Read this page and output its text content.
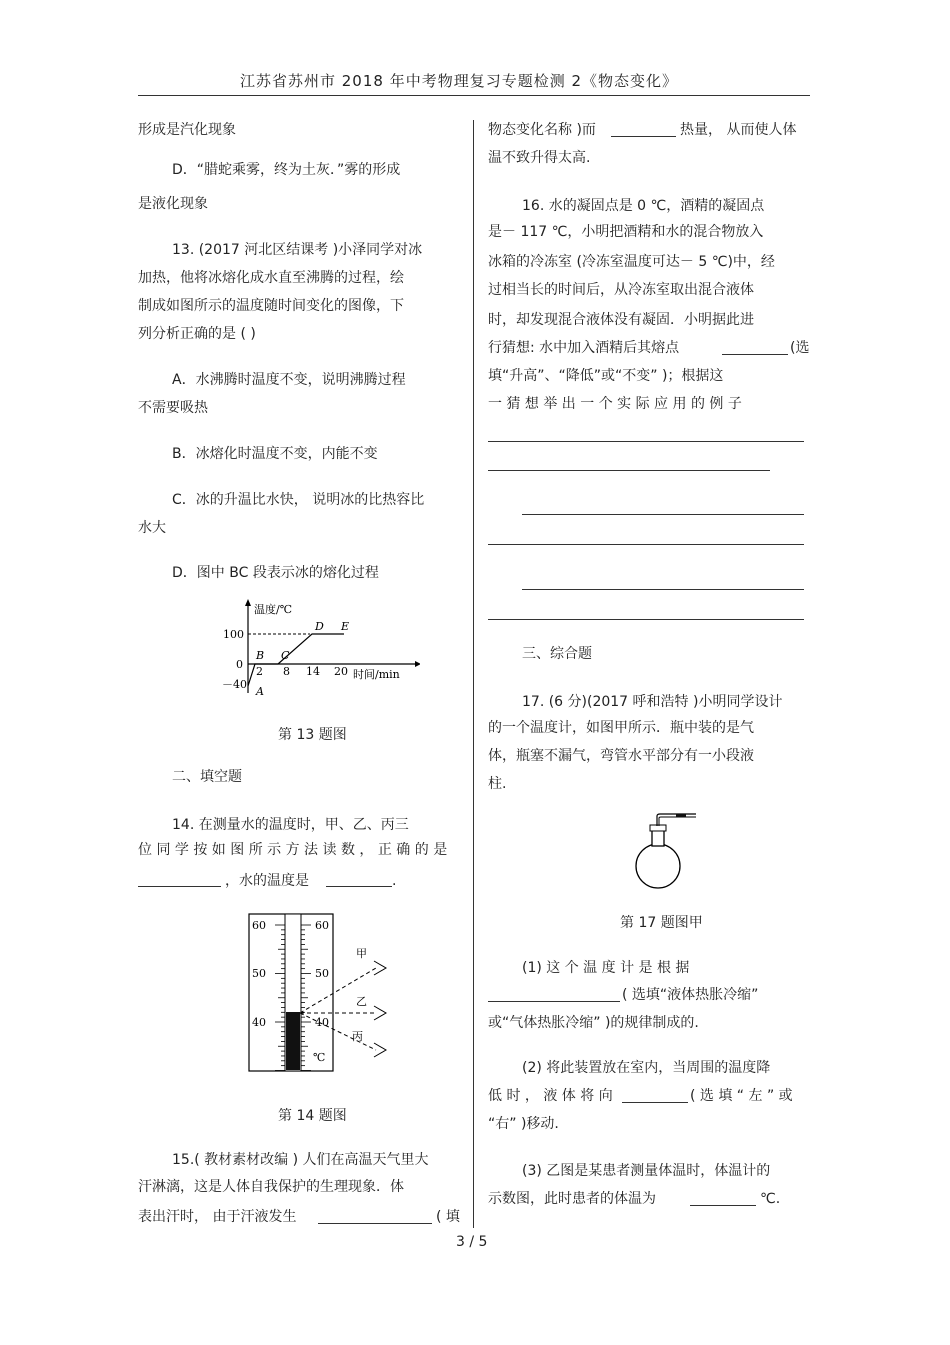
江苏省苏州市 2018 年中考物理复习专题检测 2《物态变化》
形成是汽化现象
D．“腊蛇乘雾，终为土灰．”雾的形成
是液化现象
13. (2017 河北区结课考 )小泽同学对冰
加热，他将冰熔化成水直至沸腾的过程，绘
制成如图所示的温度随时间变化的图像，下
列分析正确的是 ( )
A．水沸腾时温度不变，说明沸腾过程
不需要吸热
B．冰熔化时温度不变，内能不变
C．冰的升温比水快， 说明冰的比热容比
水大
D．图中 BC 段表示冰的熔化过程
温度/℃
100
0
－40
2 8 14 20 时间/min
A
B C
D E
第 13 题图
二、填空题
14. 在测量水的温度时，甲、乙、丙三
位 同 学 按 如 图 所 示 方 法 读 数 ， 正 确 的 是
，水的温度是	.
60
50
40
60
50
40
℃
甲
乙
丙
第 14 题图
15.( 教材素材改编 ) 人们在高温天气里大
汗淋漓，这是人体自我保护的生理现象．体
表出汗时， 由于汗液发生	( 填
物态变化名称 )而	热量， 从而使人体
温不致升得太高.
16. 水的凝固点是 0 ℃，酒精的凝固点
是－ 117 ℃，小明把酒精和水的混合物放入
冰箱的冷冻室 (冷冻室温度可达－ 5 ℃)中，经
过相当长的时间后，从冷冻室取出混合液体
时，却发现混合液体没有凝固．小明据此进
行猜想: 水中加入酒精后其熔点	(选
填“升高”、“降低”或“不变” )；根据这
一 猜 想 举 出 一 个 实 际 应 用 的 例 子
三、综合题
17. (6 分)(2017 呼和浩特 )小明同学设计
的一个温度计，如图甲所示．瓶中装的是气
体，瓶塞不漏气，弯管水平部分有一小段液
柱.
第 17 题图甲
(1) 这 个 温 度 计 是 根 据
( 选填“液体热胀冷缩”
或“气体热胀冷缩” )的规律制成的.
(2) 将此装置放在室内，当周围的温度降
低 时 ， 液 体 将 向	( 选 填 “ 左 ” 或
“右” )移动.
(3) 乙图是某患者测量体温时，体温计的
示数图，此时患者的体温为	℃.
3 / 5
